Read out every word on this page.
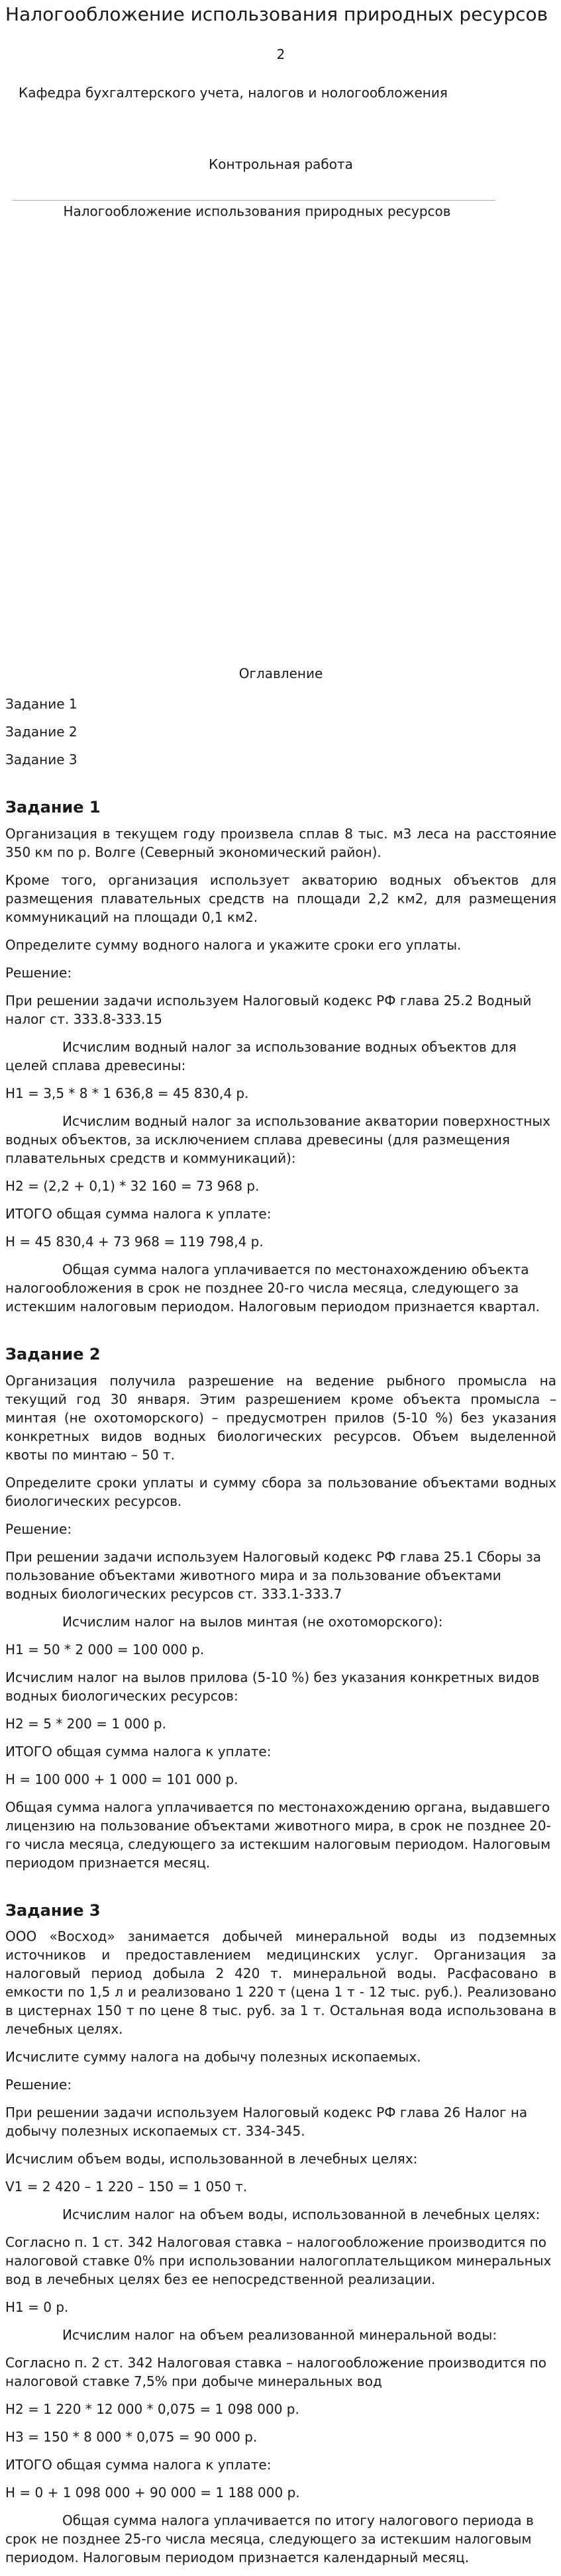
Налогообложение использования природных ресурсов
2
Кафедра бухгалтерского учета, налогов и нологообложения
Контрольная работа
Налогообложение использования природных ресурсов
Оглавление

Задание 1

Задание 2

Задание 3

Задание 1

Организация в текущем году произвела сплав 8 тыс. м3 леса на расстояние 350 км по р. Волге (Северный экономический район).

Кроме того, организация использует акваторию водных объектов для размещения плавательных средств на площади 2,2 км2, для размещения коммуникаций на площади 0,1 км2.

Определите сумму водного налога и укажите сроки его уплаты.

Решение:

При решении задачи используем Налоговый кодекс РФ глава 25.2 Водный налог ст. 333.8-333.15

Исчислим водный налог за использование водных объектов для целей сплава древесины:

Н1 = 3,5 * 8 * 1 636,8 = 45 830,4 р.

Исчислим водный налог за использование акватории поверхностных водных объектов, за исключением сплава древесины (для размещения плавательных средств и коммуникаций):

Н2 = (2,2 + 0,1) * 32 160 = 73 968 р.

ИТОГО общая сумма налога к уплате:

Н = 45 830,4 + 73 968 = 119 798,4 р.

Общая сумма налога уплачивается по местонахождению объекта налогообложения в срок не позднее 20-го числа месяца, следующего за истекшим налоговым периодом. Налоговым периодом признается квартал.

Задание 2

Организация получила разрешение на ведение рыбного промысла на текущий год 30 января. Этим разрешением кроме объекта промысла – минтая (не охотоморского) – предусмотрен прилов (5-10 %) без указания конкретных видов водных биологических ресурсов. Объем выделенной квоты по минтаю – 50 т.

Определите сроки уплаты и сумму сбора за пользование объектами водных биологических ресурсов.

Решение:

При решении задачи используем Налоговый кодекс РФ глава 25.1 Сборы за пользование объектами животного мира и за пользование объектами водных биологических ресурсов ст. 333.1-333.7

Исчислим налог на вылов минтая (не охотоморского):

Н1 = 50 * 2 000 = 100 000 р.

Исчислим налог на вылов прилова (5-10 %) без указания конкретных видов водных биологических ресурсов:

Н2 = 5 * 200 = 1 000 р.

ИТОГО общая сумма налога к уплате:

Н = 100 000 + 1 000 = 101 000 р.

Общая сумма налога уплачивается по местонахождению органа, выдавшего лицензию на пользование объектами животного мира, в срок не позднее 20-го числа месяца, следующего за истекшим налоговым периодом. Налоговым периодом признается месяц.

Задание 3

ООО «Восход» занимается добычей минеральной воды из подземных источников и предоставлением медицинских услуг. Организация за налоговый период добыла 2 420 т. минеральной воды. Расфасовано в емкости по 1,5 л и реализовано 1 220 т (цена 1 т - 12 тыс. руб.). Реализовано в цистернах 150 т по цене 8 тыс. руб. за 1 т. Остальная вода использована в лечебных целях.

Исчислите сумму налога на добычу полезных ископаемых.

Решение:

При решении задачи используем Налоговый кодекс РФ глава 26 Налог на добычу полезных ископаемых ст. 334-345.

Исчислим объем воды, использованной в лечебных целях:

V1 = 2 420 – 1 220 – 150 = 1 050 т.

Исчислим налог на объем воды, использованной в лечебных целях:

Согласно п. 1 ст. 342 Налоговая ставка – налогообложение производится по налоговой ставке 0% при использовании налогоплательщиком минеральных вод в лечебных целях без ее непосредственной реализации.

Н1 = 0 р.

Исчислим налог на объем реализованной минеральной воды:

Согласно п. 2 ст. 342 Налоговая ставка – налогообложение производится по налоговой ставке 7,5% при добыче минеральных вод

Н2 = 1 220 * 12 000 * 0,075 = 1 098 000 р.

Н3 = 150 * 8 000 * 0,075 = 90 000 р.

ИТОГО общая сумма налога к уплате:

Н = 0 + 1 098 000 + 90 000 = 1 188 000 р.

Общая сумма налога уплачивается по итогу налогового периода в срок не позднее 25-го числа месяца, следующего за истекшим налоговым периодом. Налоговым периодом признается календарный месяц.
